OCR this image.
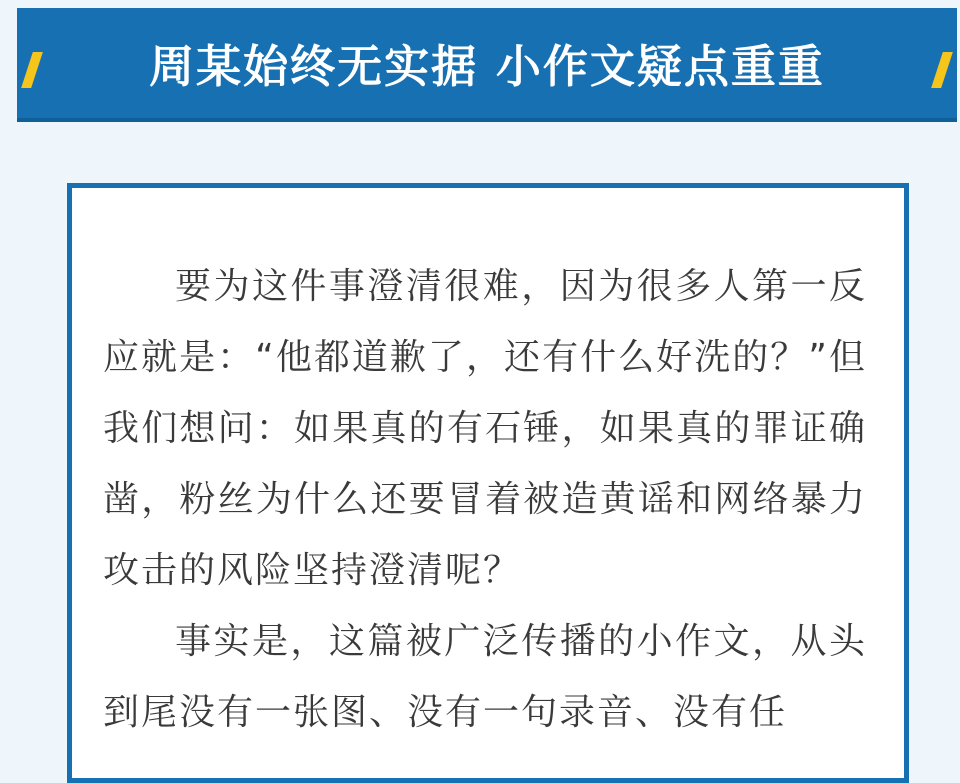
周某始终无实据 小作文疑点重重

要为这件事澄清很难，因为很多人第一反应就是：“他都道歉了，还有什么好洗的？”但我们想问：如果真的有石锤，如果真的罪证确凿，粉丝为什么还要冒着被造黄谣和网络暴力攻击的风险坚持澄清呢？

事实是，这篇被广泛传播的小作文，从头到尾没有一张图、没有一句录音、没有任
